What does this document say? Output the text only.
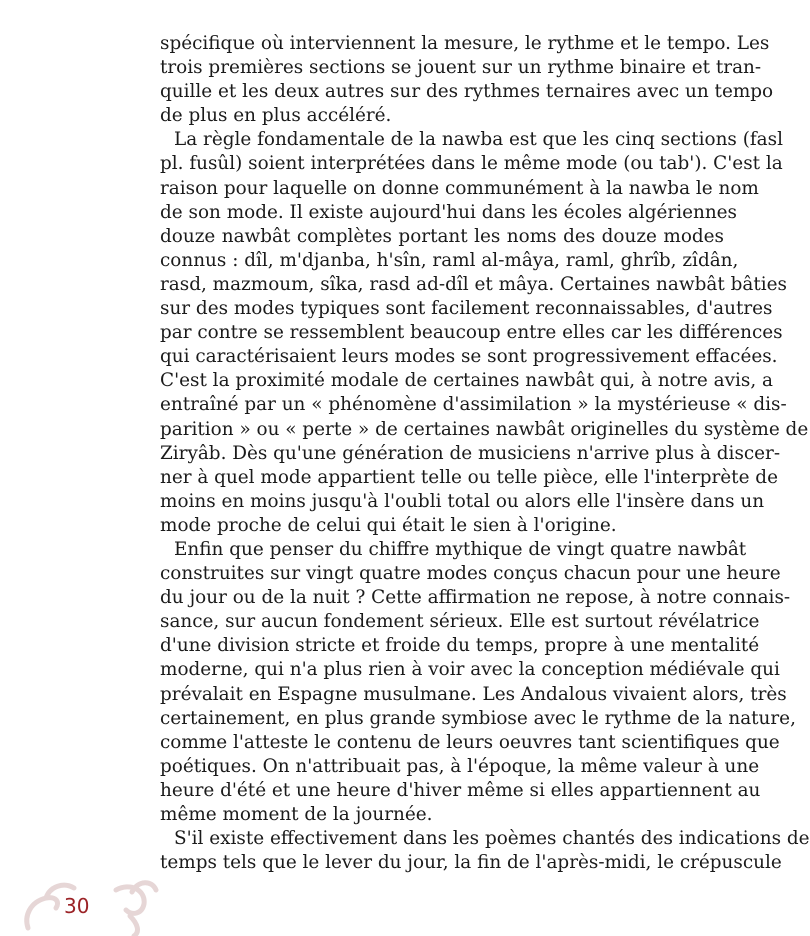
spécifique où interviennent la mesure, le rythme et le tempo. Les
trois premières sections se jouent sur un rythme binaire et tran-
quille et les deux autres sur des rythmes ternaires avec un tempo
de plus en plus accéléré.
La règle fondamentale de la nawba est que les cinq sections (fasl
pl. fusûl) soient interprétées dans le même mode (ou tab'). C'est la
raison pour laquelle on donne communément à la nawba le nom
de son mode. Il existe aujourd'hui dans les écoles algériennes
douze nawbât complètes portant les noms des douze modes
connus : dîl, m'djanba, h'sîn, raml al-mâya, raml, ghrîb, zîdân,
rasd, mazmoum, sîka, rasd ad-dîl et mâya. Certaines nawbât bâties
sur des modes typiques sont facilement reconnaissables, d'autres
par contre se ressemblent beaucoup entre elles car les différences
qui caractérisaient leurs modes se sont progressivement effacées.
C'est la proximité modale de certaines nawbât qui, à notre avis, a
entraîné par un « phénomène d'assimilation » la mystérieuse « dis-
parition » ou « perte » de certaines nawbât originelles du système de
Ziryâb. Dès qu'une génération de musiciens n'arrive plus à discer-
ner à quel mode appartient telle ou telle pièce, elle l'interprète de
moins en moins jusqu'à l'oubli total ou alors elle l'insère dans un
mode proche de celui qui était le sien à l'origine.
Enfin que penser du chiffre mythique de vingt quatre nawbât
construites sur vingt quatre modes conçus chacun pour une heure
du jour ou de la nuit ? Cette affirmation ne repose, à notre connais-
sance, sur aucun fondement sérieux. Elle est surtout révélatrice
d'une division stricte et froide du temps, propre à une mentalité
moderne, qui n'a plus rien à voir avec la conception médiévale qui
prévalait en Espagne musulmane. Les Andalous vivaient alors, très
certainement, en plus grande symbiose avec le rythme de la nature,
comme l'atteste le contenu de leurs oeuvres tant scientifiques que
poétiques. On n'attribuait pas, à l'époque, la même valeur à une
heure d'été et une heure d'hiver même si elles appartiennent au
même moment de la journée.
S'il existe effectivement dans les poèmes chantés des indications de
temps tels que le lever du jour, la fin de l'après-midi, le crépuscule
30
